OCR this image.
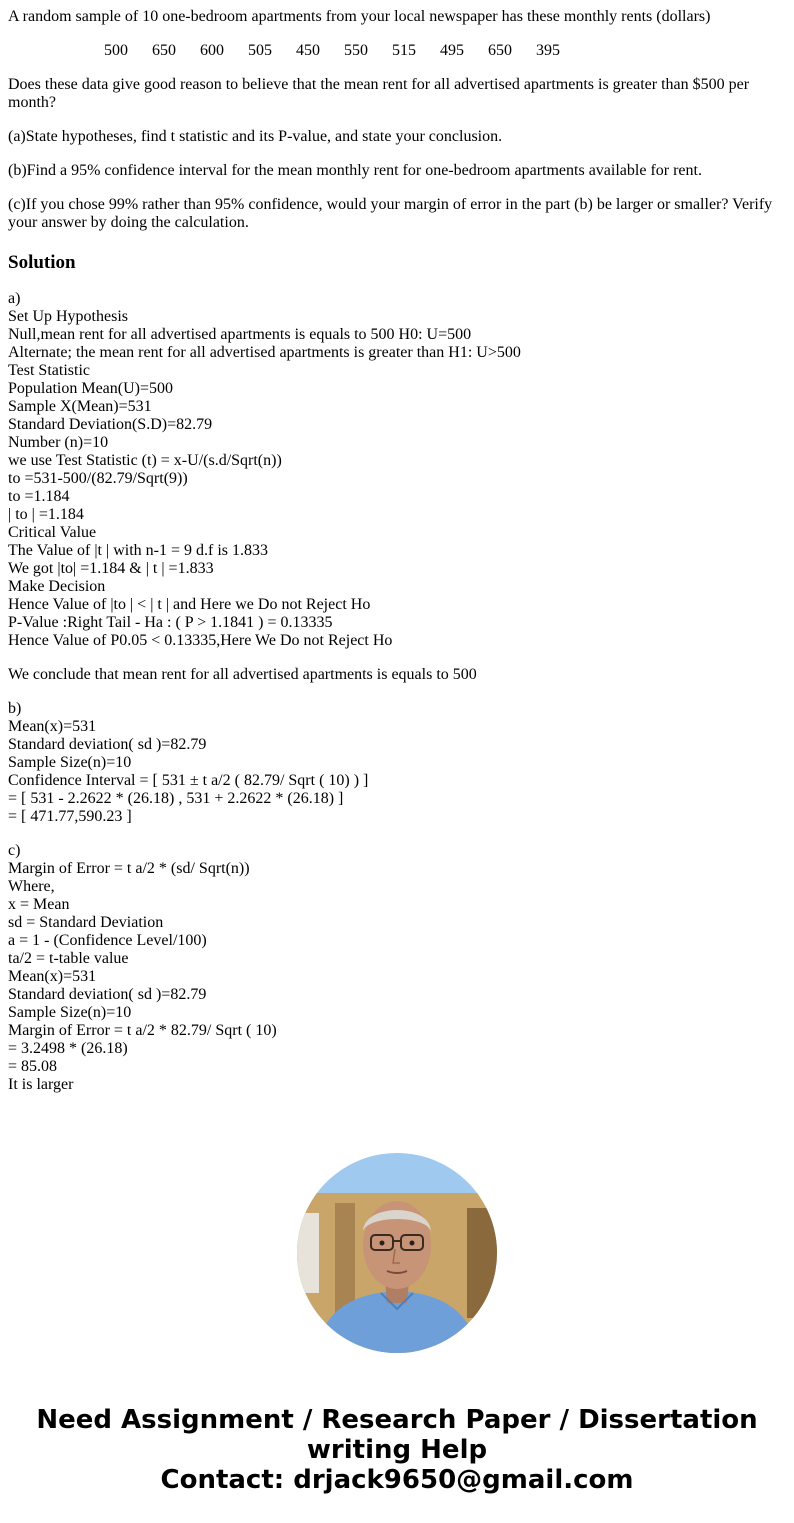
A random sample of 10 one-bedroom apartments from your local newspaper has these monthly rents (dollars)

500	650	600	505	450	550	515	495	650	395

Does these data give good reason to believe that the mean rent for all advertised apartments is greater than $500 per month?

(a)State hypotheses, find t statistic and its P-value, and state your conclusion.

(b)Find a 95% confidence interval for the mean monthly rent for one-bedroom apartments available for rent.

(c)If you chose 99% rather than 95% confidence, would your margin of error in the part (b) be larger or smaller? Verify your answer by doing the calculation.

Solution
a)
Set Up Hypothesis
Null,mean rent for all advertised apartments is equals to 500 H0: U=500
Alternate; the mean rent for all advertised apartments is greater than H1: U>500
Test Statistic
Population Mean(U)=500
Sample X(Mean)=531
Standard Deviation(S.D)=82.79
Number (n)=10
we use Test Statistic (t) = x-U/(s.d/Sqrt(n))
to =531-500/(82.79/Sqrt(9))
to =1.184
| to | =1.184
Critical Value
The Value of |t | with n-1 = 9 d.f is 1.833
We got |to| =1.184 & | t | =1.833
Make Decision
Hence Value of |to | < | t | and Here we Do not Reject Ho
P-Value :Right Tail - Ha : ( P > 1.1841 ) = 0.13335
Hence Value of P0.05 < 0.13335,Here We Do not Reject Ho

We conclude that mean rent for all advertised apartments is equals to 500

b)
Mean(x)=531
Standard deviation( sd )=82.79
Sample Size(n)=10
Confidence Interval = [ 531 ± t a/2 ( 82.79/ Sqrt ( 10) ) ]
= [ 531 - 2.2622 * (26.18) , 531 + 2.2622 * (26.18) ]
= [ 471.77,590.23 ]
c)
Margin of Error = t a/2 * (sd/ Sqrt(n))
Where,
x = Mean
sd = Standard Deviation
a = 1 - (Confidence Level/100)
ta/2 = t-table value
Mean(x)=531
Standard deviation( sd )=82.79
Sample Size(n)=10
Margin of Error = t a/2 * 82.79/ Sqrt ( 10)
= 3.2498 * (26.18)
= 85.08
It is larger
Need Assignment / Research Paper / Dissertation
writing Help
Contact: drjack9650@gmail.com
